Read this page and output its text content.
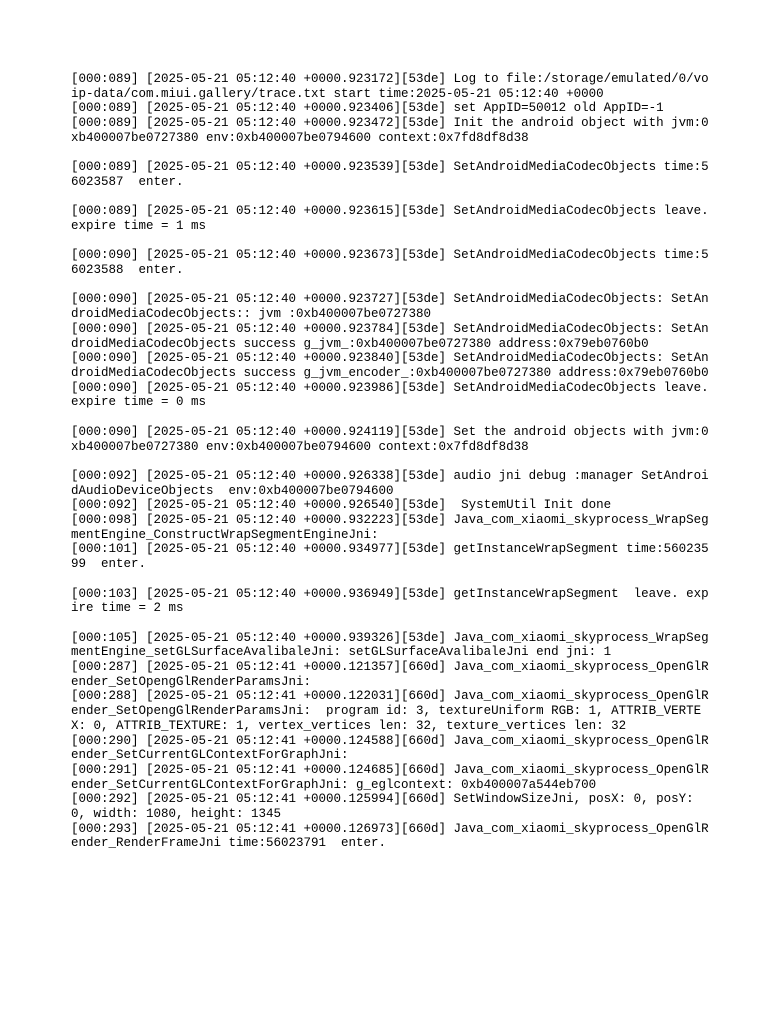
[000:089] [2025-05-21 05:12:40 +0000.923172][53de] Log to file:/storage/emulated/0/voip-data/com.miui.gallery/trace.txt start time:2025-05-21 05:12:40 +0000
[000:089] [2025-05-21 05:12:40 +0000.923406][53de] set AppID=50012 old AppID=-1
[000:089] [2025-05-21 05:12:40 +0000.923472][53de] Init the android object with jvm:0xb400007be0727380 env:0xb400007be0794600 context:0x7fd8df8d38
[000:089] [2025-05-21 05:12:40 +0000.923539][53de] SetAndroidMediaCodecObjects time:56023587  enter.
[000:089] [2025-05-21 05:12:40 +0000.923615][53de] SetAndroidMediaCodecObjects leave. expire time = 1 ms
[000:090] [2025-05-21 05:12:40 +0000.923673][53de] SetAndroidMediaCodecObjects time:56023588  enter.
[000:090] [2025-05-21 05:12:40 +0000.923727][53de] SetAndroidMediaCodecObjects: SetAndroidMediaCodecObjects:: jvm :0xb400007be0727380
[000:090] [2025-05-21 05:12:40 +0000.923784][53de] SetAndroidMediaCodecObjects: SetAndroidMediaCodecObjects success g_jvm_:0xb400007be0727380 address:0x79eb0760b0
[000:090] [2025-05-21 05:12:40 +0000.923840][53de] SetAndroidMediaCodecObjects: SetAndroidMediaCodecObjects success g_jvm_encoder_:0xb400007be0727380 address:0x79eb0760b0
[000:090] [2025-05-21 05:12:40 +0000.923986][53de] SetAndroidMediaCodecObjects leave. expire time = 0 ms
[000:090] [2025-05-21 05:12:40 +0000.924119][53de] Set the android objects with jvm:0xb400007be0727380 env:0xb400007be0794600 context:0x7fd8df8d38
[000:092] [2025-05-21 05:12:40 +0000.926338][53de] audio jni debug :manager SetAndroidAudioDeviceObjects  env:0xb400007be0794600
[000:092] [2025-05-21 05:12:40 +0000.926540][53de]  SystemUtil Init done
[000:098] [2025-05-21 05:12:40 +0000.932223][53de] Java_com_xiaomi_skyprocess_WrapSegmentEngine_ConstructWrapSegmentEngineJni:
[000:101] [2025-05-21 05:12:40 +0000.934977][53de] getInstanceWrapSegment time:56023599  enter.
[000:103] [2025-05-21 05:12:40 +0000.936949][53de] getInstanceWrapSegment  leave. expire time = 2 ms
[000:105] [2025-05-21 05:12:40 +0000.939326][53de] Java_com_xiaomi_skyprocess_WrapSegmentEngine_setGLSurfaceAvalibaleJni: setGLSurfaceAvalibaleJni end jni: 1
[000:287] [2025-05-21 05:12:41 +0000.121357][660d] Java_com_xiaomi_skyprocess_OpenGlRender_SetOpengGlRenderParamsJni:
[000:288] [2025-05-21 05:12:41 +0000.122031][660d] Java_com_xiaomi_skyprocess_OpenGlRender_SetOpengGlRenderParamsJni:  program id: 3, textureUniform RGB: 1, ATTRIB_VERTEX: 0, ATTRIB_TEXTURE: 1, vertex_vertices len: 32, texture_vertices len: 32
[000:290] [2025-05-21 05:12:41 +0000.124588][660d] Java_com_xiaomi_skyprocess_OpenGlRender_SetCurrentGLContextForGraphJni:
[000:291] [2025-05-21 05:12:41 +0000.124685][660d] Java_com_xiaomi_skyprocess_OpenGlRender_SetCurrentGLContextForGraphJni: g_eglcontext: 0xb400007a544eb700
[000:292] [2025-05-21 05:12:41 +0000.125994][660d] SetWindowSizeJni, posX: 0, posY: 0, width: 1080, height: 1345
[000:293] [2025-05-21 05:12:41 +0000.126973][660d] Java_com_xiaomi_skyprocess_OpenGlRender_RenderFrameJni time:56023791  enter.
